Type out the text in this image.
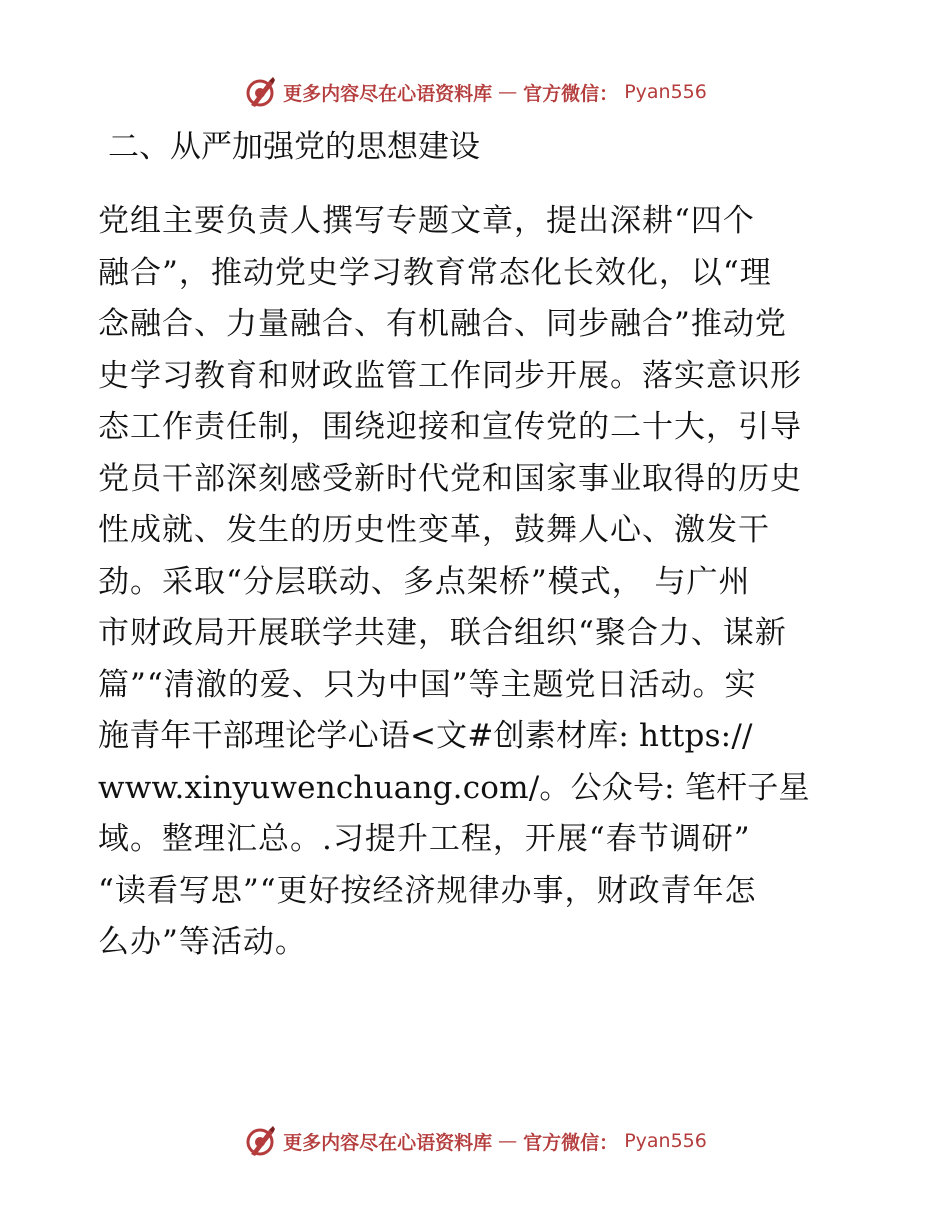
更多内容尽在心语资料库 — 官方微信： Pyan556
二、从严加强党的思想建设
党组主要负责人撰写专题文章，提出深耕“四个
融合”，推动党史学习教育常态化长效化，以“理
念融合、力量融合、有机融合、同步融合”推动党
史学习教育和财政监管工作同步开展。落实意识形
态工作责任制，围绕迎接和宣传党的二十大，引导
党员干部深刻感受新时代党和国家事业取得的历史
性成就、发生的历史性变革，鼓舞人心、激发干
劲。采取“分层联动、多点架桥”模式， 与广州
市财政局开展联学共建，联合组织“聚合力、谋新
篇”“清澈的爱、只为中国”等主题党日活动。实
施青年干部理论学心语<文#创素材库: https://
www.xinyuwenchuang.com/。公众号: 笔杆子星
域。整理汇总。.习提升工程，开展“春节调研”
“读看写思”“更好按经济规律办事，财政青年怎
么办”等活动。
更多内容尽在心语资料库 — 官方微信： Pyan556
